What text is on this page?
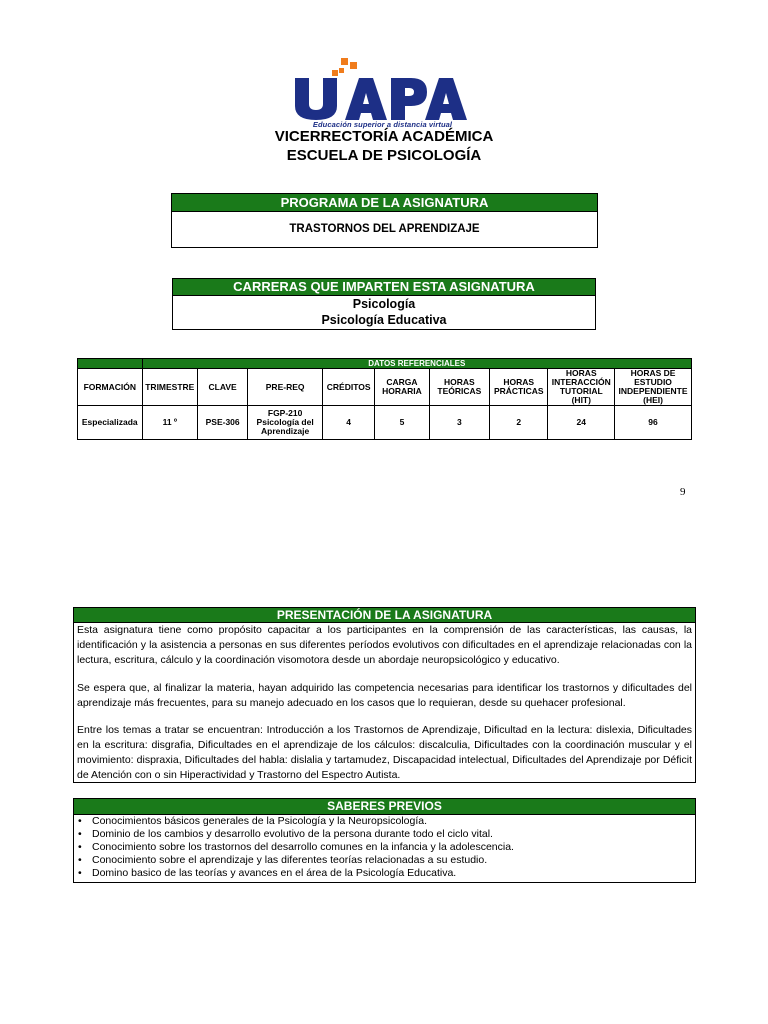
Educación superior a distancia virtual
VICERRECTORÍA ACADÉMICA
ESCUELA DE PSICOLOGÍA
PROGRAMA DE LA ASIGNATURA
TRASTORNOS DEL APRENDIZAJE
CARRERAS QUE IMPARTEN ESTA ASIGNATURA
Psicología
Psicología Educativa
	DATOS REFERENCIALES								
FORMACIÓN	TRIMESTRE	CLAVE	PRE-REQ	CRÉDITOS	CARGA HORARIA	HORAS TEÓRICAS	HORAS PRÁCTICAS	HORAS INTERACCIÓN TUTORIAL (HIT)	HORAS DE ESTUDIO INDEPENDIENTE (HEI)
Especializada	11 º	PSE-306	FGP-210 Psicología del Aprendizaje	4	5	3	2	24	96
9
PRESENTACIÓN DE LA ASIGNATURA

Esta asignatura tiene como propósito capacitar a los participantes en la comprensión de las características, las causas, la identificación y la asistencia a personas en sus diferentes períodos evolutivos con dificultades en el aprendizaje relacionadas con la lectura, escritura, cálculo y la coordinación visomotora desde un abordaje neuropsicológico y educativo.

Se espera que, al finalizar la materia, hayan adquirido las competencia necesarias para identificar los trastornos y dificultades del aprendizaje más frecuentes, para su manejo adecuado en los casos que lo requieran, desde su quehacer profesional.

Entre los temas a tratar se encuentran: Introducción a los Trastornos de Aprendizaje, Dificultad en la lectura: dislexia, Dificultades en la escritura: disgrafia, Dificultades en el aprendizaje de los cálculos: discalculia, Dificultades con la coordinación muscular y el movimiento: dispraxia, Dificultades del habla: dislalia y tartamudez, Discapacidad intelectual, Dificultades del Aprendizaje por Déficit de Atención con o sin Hiperactividad y Trastorno del Espectro Autista.

SABERES PREVIOS
• Conocimientos básicos generales de la Psicología y la Neuropsicología.
• Dominio de los cambios y desarrollo evolutivo de la persona durante todo el ciclo vital.
• Conocimiento sobre los trastornos del desarrollo comunes en la infancia y la adolescencia.
• Conocimiento sobre el aprendizaje y las diferentes teorías relacionadas a su estudio.
• Domino basico de las teorías y avances en el área de la Psicología Educativa.
